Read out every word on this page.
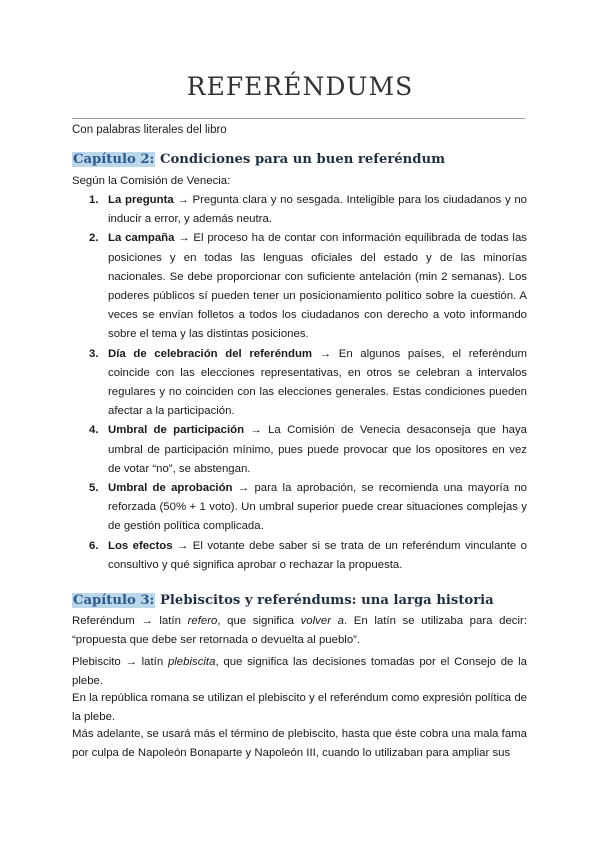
REFERÉNDUMS
Con palabras literales del libro
Capítulo 2: Condiciones para un buen referéndum
Según la Comisión de Venecia:
1. La pregunta → Pregunta clara y no sesgada. Inteligible para los ciudadanos y no inducir a error, y además neutra.
2. La campaña → El proceso ha de contar con información equilibrada de todas las posiciones y en todas las lenguas oficiales del estado y de las minorías nacionales. Se debe proporcionar con suficiente antelación (min 2 semanas). Los poderes públicos sí pueden tener un posicionamiento político sobre la cuestión. A veces se envían folletos a todos los ciudadanos con derecho a voto informando sobre el tema y las distintas posiciones.
3. Día de celebración del referéndum → En algunos países, el referéndum coincide con las elecciones representativas, en otros se celebran a intervalos regulares y no coinciden con las elecciones generales. Estas condiciones pueden afectar a la participación.
4. Umbral de participación → La Comisión de Venecia desaconseja que haya umbral de participación mínimo, pues puede provocar que los opositores en vez de votar “no”, se abstengan.
5. Umbral de aprobación → para la aprobación, se recomienda una mayoría no reforzada (50% + 1 voto). Un umbral superior puede crear situaciones complejas y de gestión política complicada.
6. Los efectos → El votante debe saber si se trata de un referéndum vinculante o consultivo y qué significa aprobar o rechazar la propuesta.
Capítulo 3: Plebiscitos y referéndums: una larga historia
Referéndum → latín refero, que significa volver a. En latín se utilizaba para decir: “propuesta que debe ser retornada o devuelta al pueblo”.
Plebiscito → latín plebiscita, que significa las decisiones tomadas por el Consejo de la plebe.
En la república romana se utilizan el plebiscito y el referéndum como expresión política de la plebe.
Más adelante, se usará más el término de plebiscito, hasta que éste cobra una mala fama por culpa de Napoleón Bonaparte y Napoleón III, cuando lo utilizaban para ampliar sus
